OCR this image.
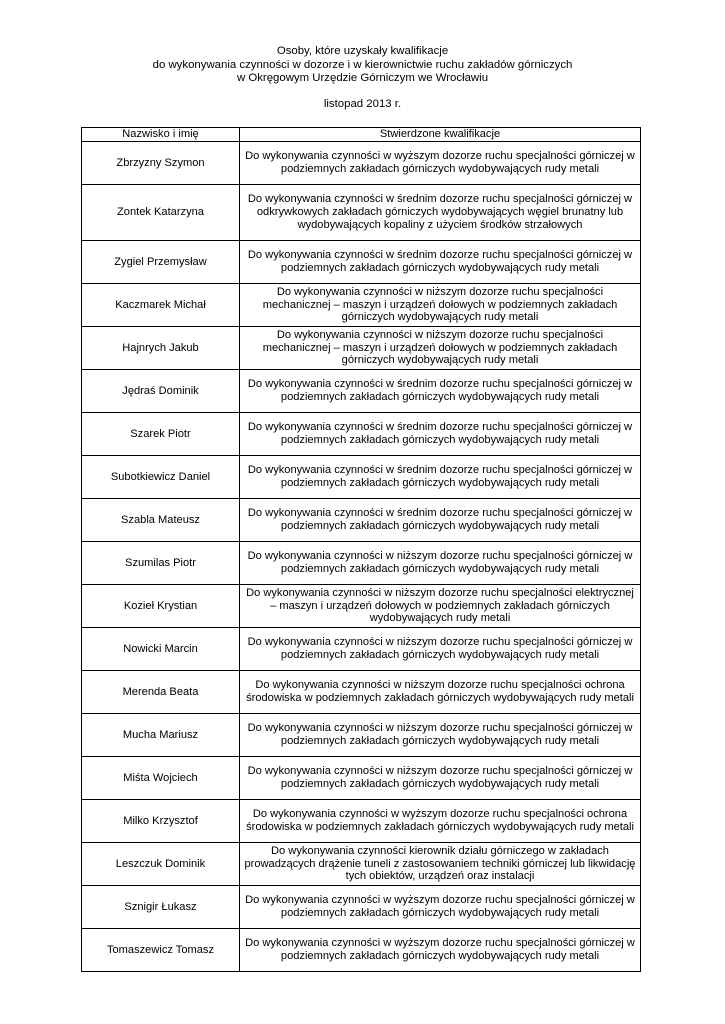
Osoby, które uzyskały kwalifikacje
do wykonywania czynności w dozorze i w kierownictwie ruchu zakładów górniczych
w Okręgowym Urzędzie Górniczym we Wrocławiu
listopad 2013 r.
Nazwisko i imię	Stwierdzone kwalifikacje
Zbrzyzny Szymon	Do wykonywania czynności w wyższym dozorze ruchu specjalności górniczej w podziemnych zakładach górniczych wydobywających rudy metali
Zontek Katarzyna	Do wykonywania czynności w średnim dozorze ruchu specjalności górniczej w odkrywkowych zakładach górniczych wydobywających węgiel brunatny lub wydobywających kopaliny z użyciem środków strzałowych
Zygiel Przemysław	Do wykonywania czynności w średnim dozorze ruchu specjalności górniczej w podziemnych zakładach górniczych wydobywających rudy metali
Kaczmarek Michał	Do wykonywania czynności w niższym dozorze ruchu specjalności mechanicznej – maszyn i urządzeń dołowych w podziemnych zakładach górniczych wydobywających rudy metali
Hajnrych Jakub	Do wykonywania czynności w niższym dozorze ruchu specjalności mechanicznej – maszyn i urządzeń dołowych w podziemnych zakładach górniczych wydobywających rudy metali
Jędraś Dominik	Do wykonywania czynności w średnim dozorze ruchu specjalności górniczej w podziemnych zakładach górniczych wydobywających rudy metali
Szarek Piotr	Do wykonywania czynności w średnim dozorze ruchu specjalności górniczej w podziemnych zakładach górniczych wydobywających rudy metali
Subotkiewicz Daniel	Do wykonywania czynności w średnim dozorze ruchu specjalności górniczej w podziemnych zakładach górniczych wydobywających rudy metali
Szabla Mateusz	Do wykonywania czynności w średnim dozorze ruchu specjalności górniczej w podziemnych zakładach górniczych wydobywających rudy metali
Szumilas Piotr	Do wykonywania czynności w niższym dozorze ruchu specjalności górniczej w podziemnych zakładach górniczych wydobywających rudy metali
Kozieł Krystian	Do wykonywania czynności w niższym dozorze ruchu specjalności elektrycznej – maszyn i urządzeń dołowych w podziemnych zakładach górniczych wydobywających rudy metali
Nowicki Marcin	Do wykonywania czynności w niższym dozorze ruchu specjalności górniczej w podziemnych zakładach górniczych wydobywających rudy metali
Merenda Beata	Do wykonywania czynności w niższym dozorze ruchu specjalności ochrona środowiska w podziemnych zakładach górniczych wydobywających rudy metali
Mucha Mariusz	Do wykonywania czynności w niższym dozorze ruchu specjalności górniczej w podziemnych zakładach górniczych wydobywających rudy metali
Miśta Wojciech	Do wykonywania czynności w niższym dozorze ruchu specjalności górniczej w podziemnych zakładach górniczych wydobywających rudy metali
Milko Krzysztof	Do wykonywania czynności w wyższym dozorze ruchu specjalności ochrona środowiska w podziemnych zakładach górniczych wydobywających rudy metali
Leszczuk Dominik	Do wykonywania czynności kierownik działu górniczego w zakładach prowadzących drążenie tuneli z zastosowaniem techniki górniczej lub likwidację tych obiektów, urządzeń oraz instalacji
Sznigir Łukasz	Do wykonywania czynności w wyższym dozorze ruchu specjalności górniczej w podziemnych zakładach górniczych wydobywających rudy metali
Tomaszewicz Tomasz	Do wykonywania czynności w wyższym dozorze ruchu specjalności górniczej w podziemnych zakładach górniczych wydobywających rudy metali
